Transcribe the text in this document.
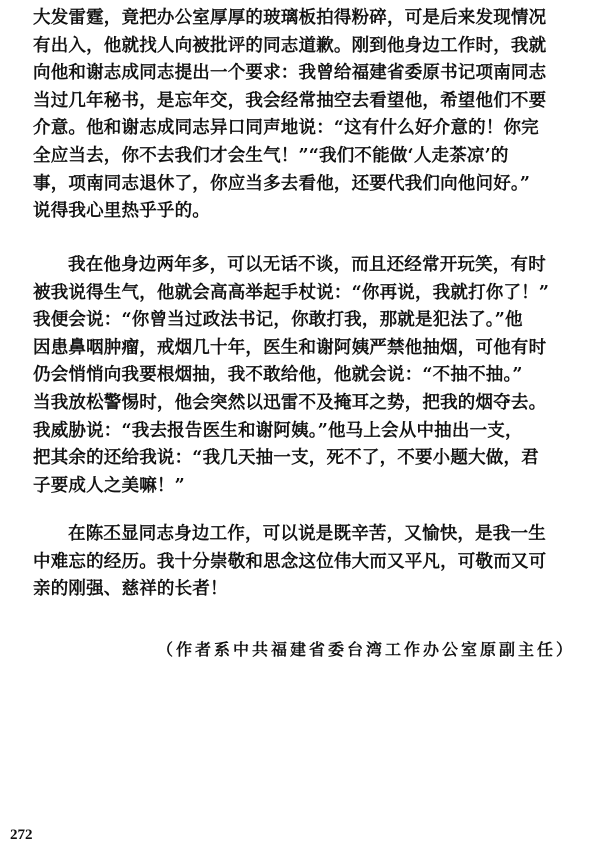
大发雷霆，竟把办公室厚厚的玻璃板拍得粉碎，可是后来发现情况
有出入，他就找人向被批评的同志道歉。刚到他身边工作时，我就
向他和谢志成同志提出一个要求：我曾给福建省委原书记项南同志
当过几年秘书，是忘年交，我会经常抽空去看望他，希望他们不要
介意。他和谢志成同志异口同声地说：“这有什么好介意的！你完
全应当去，你不去我们才会生气！”“我们不能做‘人走茶凉’的
事，项南同志退休了，你应当多去看他，还要代我们向他问好。”
说得我心里热乎乎的。
我在他身边两年多，可以无话不谈，而且还经常开玩笑，有时
被我说得生气，他就会高高举起手杖说：“你再说，我就打你了！”
我便会说：“你曾当过政法书记，你敢打我，那就是犯法了。”他
因患鼻咽肿瘤，戒烟几十年，医生和谢阿姨严禁他抽烟，可他有时
仍会悄悄向我要根烟抽，我不敢给他，他就会说：“不抽不抽。”
当我放松警惕时，他会突然以迅雷不及掩耳之势，把我的烟夺去。
我威胁说：“我去报告医生和谢阿姨。”他马上会从中抽出一支，
把其余的还给我说：“我几天抽一支，死不了，不要小题大做，君
子要成人之美嘛！”
在陈丕显同志身边工作，可以说是既辛苦，又愉快，是我一生
中难忘的经历。我十分崇敬和思念这位伟大而又平凡，可敬而又可
亲的刚强、慈祥的长者！
（作者系中共福建省委台湾工作办公室原副主任）
272
